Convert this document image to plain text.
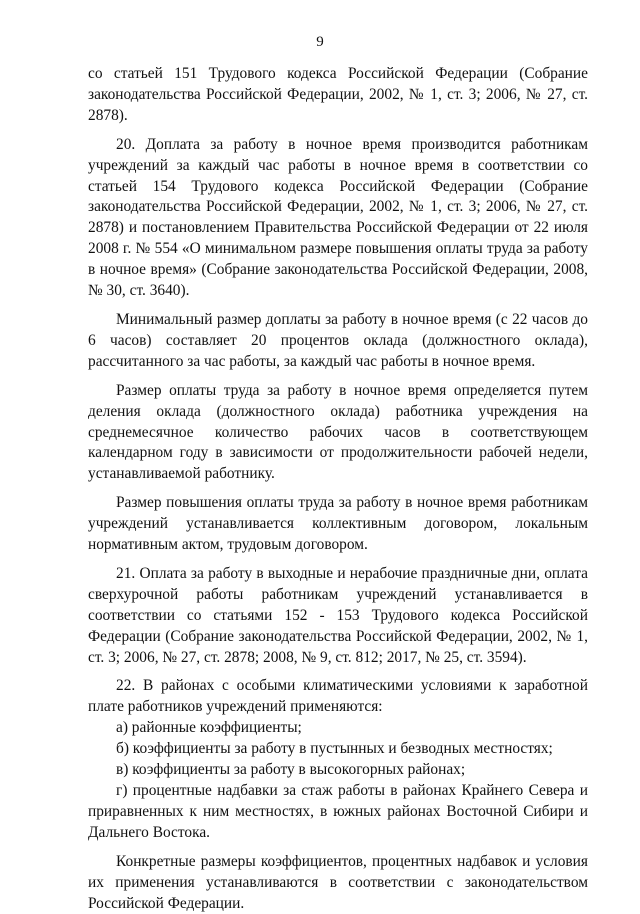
9

со статьей 151 Трудового кодекса Российской Федерации (Собрание законодательства Российской Федерации, 2002, № 1, ст. 3; 2006, № 27, ст. 2878).

20. Доплата за работу в ночное время производится работникам учреждений за каждый час работы в ночное время в соответствии со статьей 154 Трудового кодекса Российской Федерации (Собрание законодательства Российской Федерации, 2002, № 1, ст. 3; 2006, № 27, ст. 2878) и постановлением Правительства Российской Федерации от 22 июля 2008 г. № 554 «О минимальном размере повышения оплаты труда за работу в ночное время» (Собрание законодательства Российской Федерации, 2008, № 30, ст. 3640).

Минимальный размер доплаты за работу в ночное время (с 22 часов до 6 часов) составляет 20 процентов оклада (должностного оклада), рассчитанного за час работы, за каждый час работы в ночное время.

Размер оплаты труда за работу в ночное время определяется путем деления оклада (должностного оклада) работника учреждения на среднемесячное количество рабочих часов в соответствующем календарном году в зависимости от продолжительности рабочей недели, устанавливаемой работнику.

Размер повышения оплаты труда за работу в ночное время работникам учреждений устанавливается коллективным договором, локальным нормативным актом, трудовым договором.

21. Оплата за работу в выходные и нерабочие праздничные дни, оплата сверхурочной работы работникам учреждений устанавливается в соответствии со статьями 152 - 153 Трудового кодекса Российской Федерации (Собрание законодательства Российской Федерации, 2002, № 1, ст. 3; 2006, № 27, ст. 2878; 2008, № 9, ст. 812; 2017, № 25, ст. 3594).

22. В районах с особыми климатическими условиями к заработной плате работников учреждений применяются:

а) районные коэффициенты;

б) коэффициенты за работу в пустынных и безводных местностях;

в) коэффициенты за работу в высокогорных районах;

г) процентные надбавки за стаж работы в районах Крайнего Севера и приравненных к ним местностях, в южных районах Восточной Сибири и Дальнего Востока.

Конкретные размеры коэффициентов, процентных надбавок и условия их применения устанавливаются в соответствии с законодательством Российской Федерации.
